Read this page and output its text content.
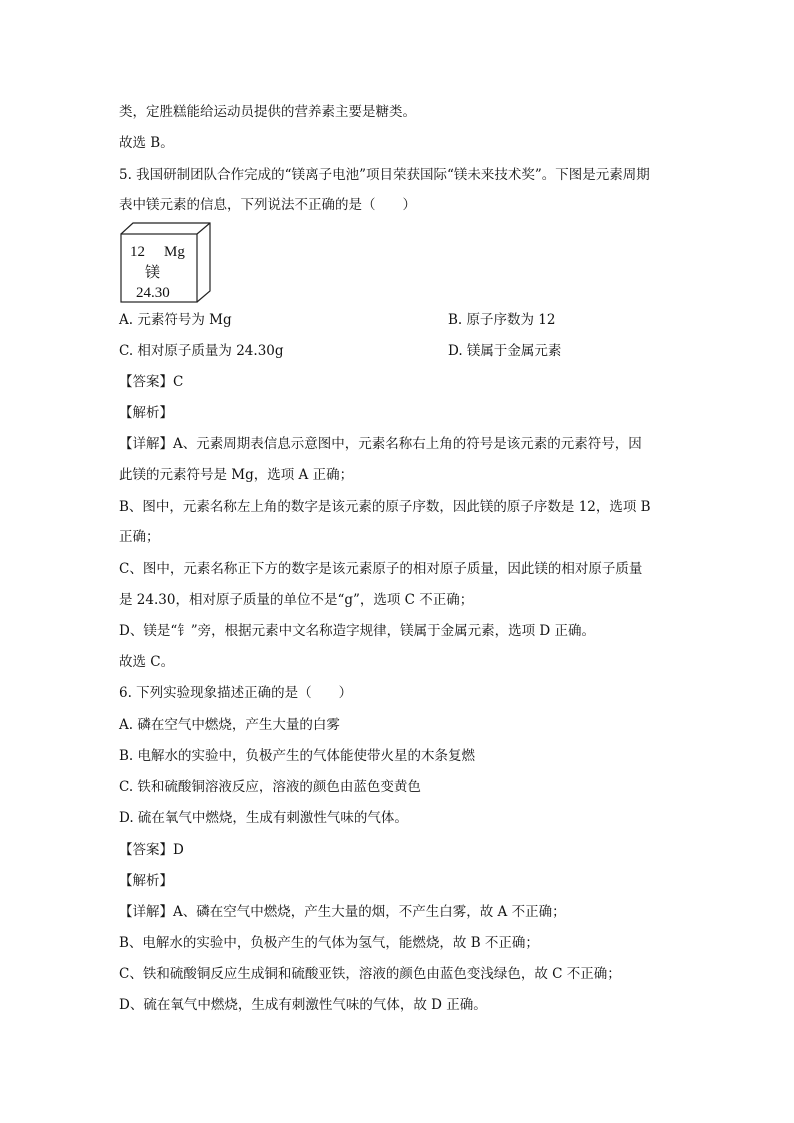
类，定胜糕能给运动员提供的营养素主要是糖类。
故选 B。
5. 我国研制团队合作完成的“镁离子电池”项目荣获国际“镁未来技术奖”。下图是元素周期
表中镁元素的信息，下列说法不正确的是（　　）
12 Mg
镁
24.30
A. 元素符号为 Mg	B. 原子序数为 12
C. 相对原子质量为 24.30g	D. 镁属于金属元素
【答案】C
【解析】
【详解】A、元素周期表信息示意图中，元素名称右上角的符号是该元素的元素符号，因
此镁的元素符号是 Mg，选项 A 正确；
B、图中，元素名称左上角的数字是该元素的原子序数，因此镁的原子序数是 12，选项 B
正确；
C、图中，元素名称正下方的数字是该元素原子的相对原子质量，因此镁的相对原子质量
是 24.30，相对原子质量的单位不是“g”，选项 C 不正确；
D、镁是“钅”旁，根据元素中文名称造字规律，镁属于金属元素，选项 D 正确。
故选 C。
6. 下列实验现象描述正确的是（　　）
A. 磷在空气中燃烧，产生大量的白雾
B. 电解水的实验中，负极产生的气体能使带火星的木条复燃
C. 铁和硫酸铜溶液反应，溶液的颜色由蓝色变黄色
D. 硫在氧气中燃烧，生成有刺激性气味的气体。
【答案】D
【解析】
【详解】A、磷在空气中燃烧，产生大量的烟，不产生白雾，故 A 不正确；
B、电解水的实验中，负极产生的气体为氢气，能燃烧，故 B 不正确；
C、铁和硫酸铜反应生成铜和硫酸亚铁，溶液的颜色由蓝色变浅绿色，故 C 不正确；
D、硫在氧气中燃烧，生成有刺激性气味的气体，故 D 正确。
